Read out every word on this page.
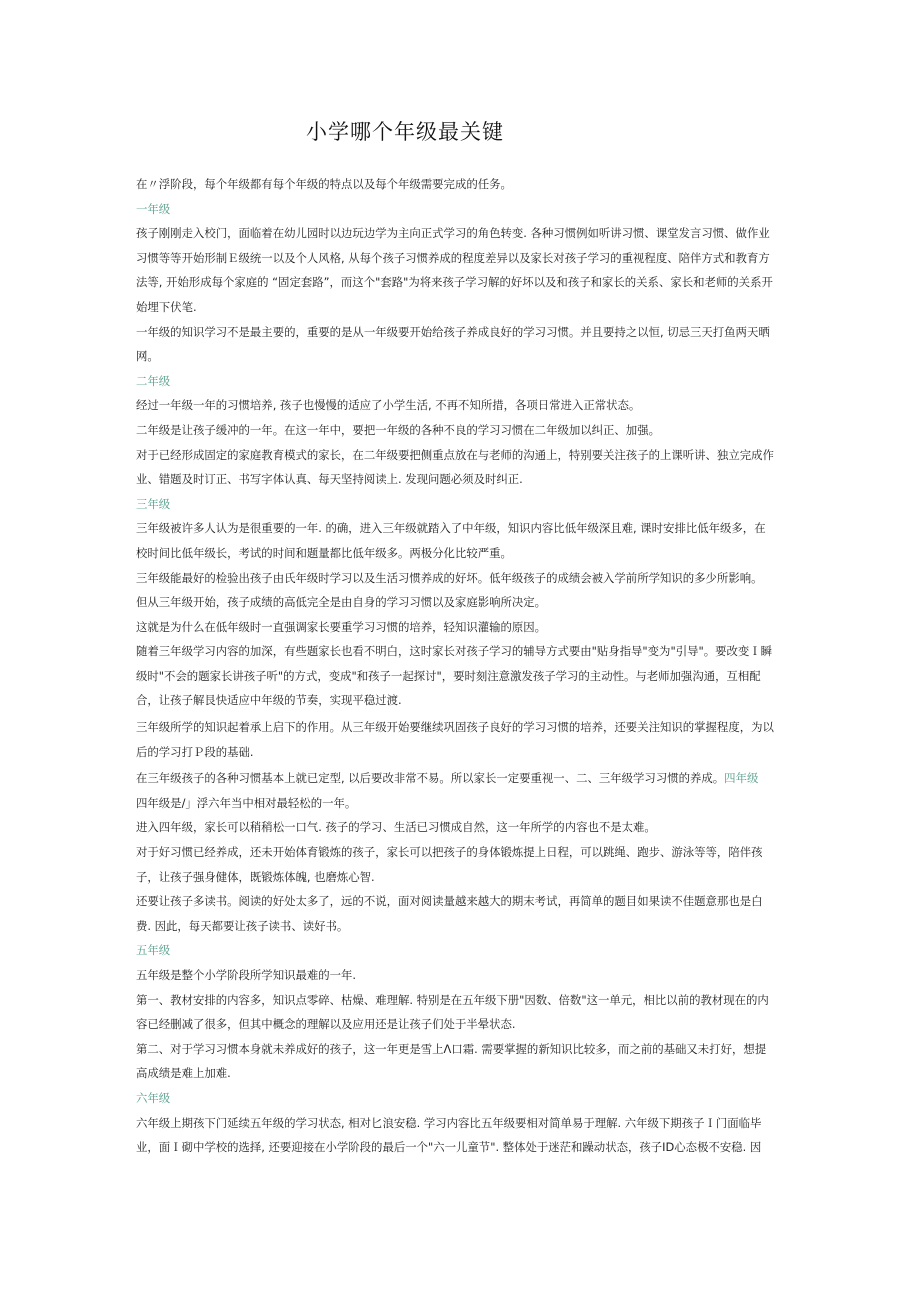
小学哪个年级最关键

在〃浮阶段，每个年级都有每个年级的特点以及每个年级需要完成的任务。

一年级

孩子刚刚走入校门，面临着在幼儿园时以边玩边学为主向正式学习的角色转变. 各种习惯例如听讲习惯、课堂发言习惯、做作业习惯等等开始形制Ｅ级统一以及个人风格, 从每个孩子习惯养成的程度差异以及家长对孩子学习的重视程度、陪伴方式和教育方法等, 开始形成每个家庭的 “固定套路”，而这个"套路"为将来孩子学习解的好坏以及和孩子和家长的关系、家长和老师的关系开始埋下伏笔.

一年级的知识学习不是最主要的，重要的是从一年级要开始给孩子养成良好的学习习惯。并且要持之以恒, 切忌三天打鱼两天晒网。

二年级

经过一年级一年的习惯培养, 孩子也慢慢的适应了小学生活, 不再不知所措，各项日常进入正常状态。

二年级是让孩子缓冲的一年。在这一年中，要把一年级的各种不良的学习习惯在二年级加以纠正、加强。

对于已经形成固定的家庭教育模式的家长，在二年级要把侧重点放在与老师的沟通上，特别要关注孩子的上课听讲、独立完成作业、错题及时订正、书写字体认真、每天坚持阅读上. 发现问题必须及时纠正.

三年级

三年级被许多人认为是很重要的一年. 的确，进入三年级就踏入了中年级，知识内容比低年级深且难, 课时安排比低年级多，在校时间比低年级长，考试的时间和题量都比低年级多。两极分化比较严重。

三年级能最好的检验出孩子由氏年级时学习以及生活习惯养成的好坏。低年级孩子的成绩会被入学前所学知识的多少所影响。

但从三年级开始，孩子成绩的高低完全是由自身的学习习惯以及家庭影响所决定。

这就是为什么在低年级时一直强调家长要重学习习惯的培养，轻知识灌输的原因。

随着三年级学习内容的加深，有些题家长也看不明白，这时家长对孩子学习的辅导方式要由"贴身指导"变为"引导"。要改变Ｉ瞬级时"不会的题家长讲孩子听"的方式，变成"和孩子一起探讨"，要时刻注意激发孩子学习的主动性。与老师加强沟通，互相配合，让孩子解艮快适应中年级的节奏，实现平稳过渡.

三年级所学的知识起着承上启下的作用。从三年级开始要继续巩固孩子良好的学习习惯的培养，还要关注知识的掌握程度，为以后的学习打Ｐ段的基础.

在三年级孩子的各种习惯基本上就已定型, 以后要改非常不易。所以家长一定要重视一、二、三年级学习习惯的养成。四年级

四年级是/」浮六年当中相对最轻松的一年。

进入四年级，家长可以稍稍松一口气. 孩子的学习、生活已习惯成自然，这一年所学的内容也不是太难。

对于好习惯已经养成，还未开始体育锻炼的孩子，家长可以把孩子的身体锻炼提上日程，可以跳绳、跑步、游泳等等，陪伴孩子，让孩子强身健体，既锻炼体魄, 也磨炼心智.

还要让孩子多读书。阅读的好处太多了，远的不说，面对阅读量越来越大的期末考试，再简单的题目如果读不佳题意那也是白费. 因此，每天都要让孩子读书、读好书。

五年级

五年级是整个小学阶段所学知识最难的一年.

第一、教材安排的内容多，知识点零碎、枯燥、难理解. 特别是在五年级下册"因数、倍数"这一单元，相比以前的教材现在的内容已经删减了很多，但其中概念的理解以及应用还是让孩子们处于半晕状态.

第二、对于学习习惯本身就未养成好的孩子，这一年更是雪上Λ口霜. 需要掌握的新知识比较多，而之前的基础又未打好，想提高成绩是难上加难.

六年级

六年级上期孩下门延续五年级的学习状态, 相对匕浪安稳. 学习内容比五年级要相对简单易于理解. 六年级下期孩子Ｉ门面临毕业，面Ｉ砌中学校的选择, 还要迎接在小学阶段的最后一个"六一儿童节". 整体处于迷茫和躁动状态，孩子ID心态极不安稳. 因
